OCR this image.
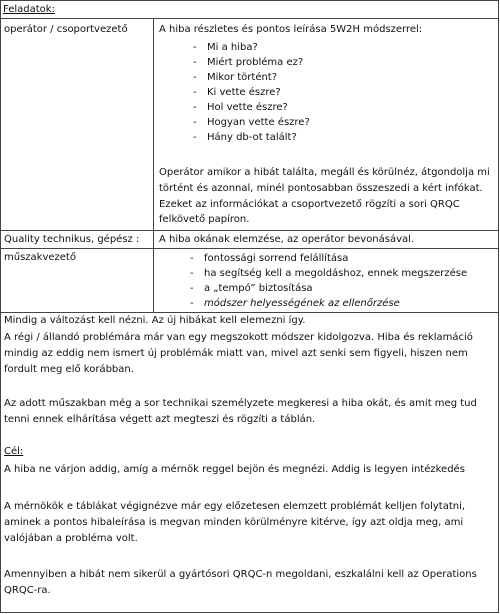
Feladatok:
operátor / csoportvezető	A hiba részletes és pontos leírása 5W2H módszerrel:
- Mi a hiba?
- Miért probléma ez?
- Mikor történt?
- Ki vette észre?
- Hol vette észre?
- Hogyan vette észre?
- Hány db-ot talált?
Operátor amikor a hibát találta, megáll és körülnéz, átgondolja mi
történt és azonnal, minél pontosabban összeszedi a kért infókat.
Ezeket az információkat a csoportvezető rögzíti a sori QRQC
felkövető papíron.
Quality technikus, gépész : A hiba okának elemzése, az operátor bevonásával.
műszakvezető	- fontossági sorrend felállítása
- ha segítség kell a megoldáshoz, ennek megszerzése
- a „tempó” biztosítása
- módszer helyességének az ellenőrzése
Mindig a változást kell nézni. Az új hibákat kell elemezni így.
A régi / állandó problémára már van egy megszokott módszer kidolgozva. Hiba és reklamáció
mindig az eddig nem ismert új problémák miatt van, mivel azt senki sem figyeli, hiszen nem
fordult meg elő korábban.
Az adott műszakban még a sor technikai személyzete megkeresi a hiba okát, és amit meg tud
tenni ennek elhárítása végett azt megteszi és rögzíti a táblán.
Cél:
A hiba ne várjon addig, amíg a mérnök reggel bejön és megnézi. Addig is legyen intézkedés
A mérnökök e táblákat végignézve már egy előzetesen elemzett problémát kelljen folytatni,
aminek a pontos hibaleírása is megvan minden körülményre kitérve, így azt oldja meg, ami
valójában a probléma volt.
Amennyiben a hibát nem sikerül a gyártósori QRQC-n megoldani, eszkalálni kell az Operations
QRQC-ra.
